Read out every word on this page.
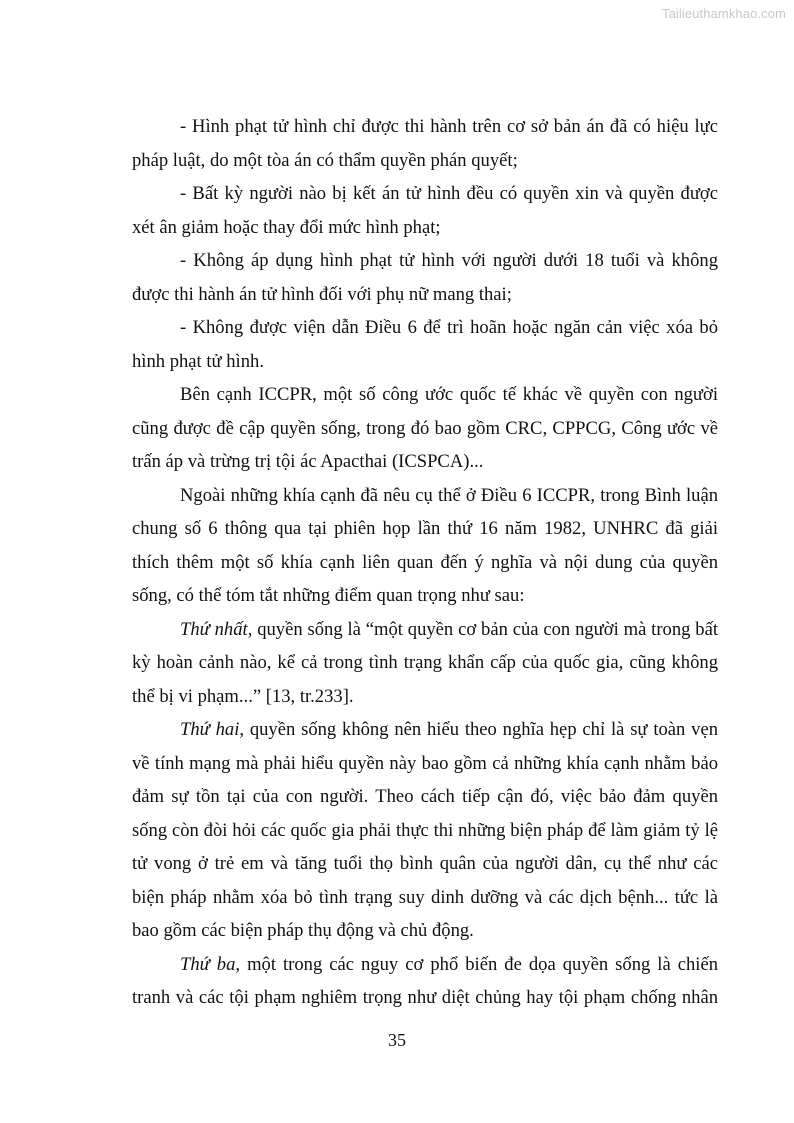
Tailieuthamkhao.com
- Hình phạt tử hình chỉ được thi hành trên cơ sở bản án đã có hiệu lực
pháp luật, do một tòa án có thẩm quyền phán quyết;
- Bất kỳ người nào bị kết án tử hình đều có quyền xin và quyền được
xét ân giảm hoặc thay đổi mức hình phạt;
- Không áp dụng hình phạt tử hình với người dưới 18 tuổi và không
được thi hành án tử hình đối với phụ nữ mang thai;
- Không được viện dẫn Điều 6 để trì hoãn hoặc ngăn cản việc xóa bỏ
hình phạt tử hình.
Bên cạnh ICCPR, một số công ước quốc tế khác về quyền con người
cũng được đề cập quyền sống, trong đó bao gồm CRC, CPPCG, Công ước về
trấn áp và trừng trị tội ác Apacthai (ICSPCA)...
Ngoài những khía cạnh đã nêu cụ thể ở Điều 6 ICCPR, trong Bình luận
chung số 6 thông qua tại phiên họp lần thứ 16 năm 1982, UNHRC đã giải
thích thêm một số khía cạnh liên quan đến ý nghĩa và nội dung của quyền
sống, có thể tóm tắt những điểm quan trọng như sau:
Thứ nhất, quyền sống là “một quyền cơ bản của con người mà trong bất
kỳ hoàn cảnh nào, kể cả trong tình trạng khẩn cấp của quốc gia, cũng không
thể bị vi phạm...” [13, tr.233].
Thứ hai, quyền sống không nên hiểu theo nghĩa hẹp chỉ là sự toàn vẹn
về tính mạng mà phải hiểu quyền này bao gồm cả những khía cạnh nhằm bảo
đảm sự tồn tại của con người. Theo cách tiếp cận đó, việc bảo đảm quyền
sống còn đòi hỏi các quốc gia phải thực thi những biện pháp để làm giảm tỷ lệ
tử vong ở trẻ em và tăng tuổi thọ bình quân của người dân, cụ thể như các
biện pháp nhằm xóa bỏ tình trạng suy dinh dưỡng và các dịch bệnh... tức là
bao gồm các biện pháp thụ động và chủ động.
Thứ ba, một trong các nguy cơ phổ biến đe dọa quyền sống là chiến
tranh và các tội phạm nghiêm trọng như diệt chủng hay tội phạm chống nhân
35
